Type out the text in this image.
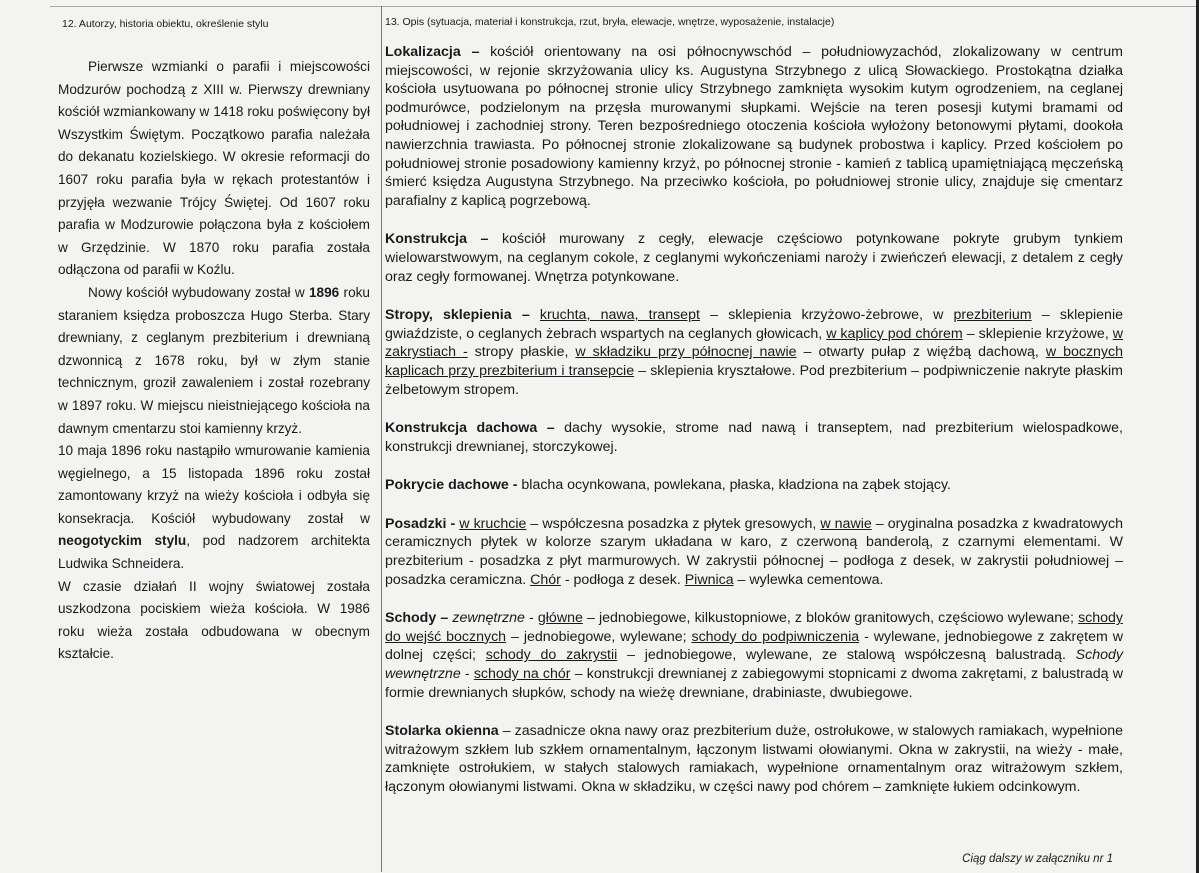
12. Autorzy, historia obiektu, określenie stylu

Pierwsze wzmianki o parafii i miejscowości Modzurów pochodzą z XIII w. Pierwszy drewniany kościół wzmiankowany w 1418 roku poświęcony był Wszystkim Świętym. Początkowo parafia należała do dekanatu kozielskiego. W okresie reformacji do 1607 roku parafia była w rękach protestantów i przyjęła wezwanie Trójcy Świętej. Od 1607 roku parafia w Modzurowie połączona była z kościołem w Grzędzinie. W 1870 roku parafia została odłączona od parafii w Koźlu.

Nowy kościół wybudowany został w 1896 roku staraniem księdza proboszcza Hugo Sterba. Stary drewniany, z ceglanym prezbiterium i drewnianą dzwonnicą z 1678 roku, był w złym stanie technicznym, groził zawaleniem i został rozebrany w 1897 roku. W miejscu nieistniejącego kościoła na dawnym cmentarzu stoi kamienny krzyż.

10 maja 1896 roku nastąpiło wmurowanie kamienia węgielnego, a 15 listopada 1896 roku został zamontowany krzyż na wieży kościoła i odbyła się konsekracja. Kościół wybudowany został w neogotyckim stylu, pod nadzorem architekta Ludwika Schneidera.

W czasie działań II wojny światowej została uszkodzona pociskiem wieża kościoła. W 1986 roku wieża została odbudowana w obecnym kształcie.

13. Opis (sytuacja, materiał i konstrukcja, rzut, bryła, elewacje, wnętrze, wyposażenie, instalacje)

Lokalizacja – kościół orientowany na osi północnywschód – południowyzachód, zlokalizowany w centrum miejscowości, w rejonie skrzyżowania ulicy ks. Augustyna Strzybnego z ulicą Słowackiego. Prostokątna działka kościoła usytuowana po północnej stronie ulicy Strzybnego zamknięta wysokim kutym ogrodzeniem, na ceglanej podmurówce, podzielonym na przęsła murowanymi słupkami. Wejście na teren posesji kutymi bramami od południowej i zachodniej strony. Teren bezpośredniego otoczenia kościoła wyłożony betonowymi płytami, dookoła nawierzchnia trawiasta. Po północnej stronie zlokalizowane są budynek probostwa i kaplicy. Przed kościołem po południowej stronie posadowiony kamienny krzyż, po północnej stronie - kamień z tablicą upamiętniającą męczeńską śmierć księdza Augustyna Strzybnego. Na przeciwko kościoła, po południowej stronie ulicy, znajduje się cmentarz parafialny z kaplicą pogrzebową.

Konstrukcja – kościół murowany z cegły, elewacje częściowo potynkowane pokryte grubym tynkiem wielowarstwowym, na ceglanym cokole, z ceglanymi wykończeniami naroży i zwieńczeń elewacji, z detalem z cegły oraz cegły formowanej. Wnętrza potynkowane.

Stropy, sklepienia – kruchta, nawa, transept – sklepienia krzyżowo-żebrowe, w prezbiterium – sklepienie gwiaździste, o ceglanych żebrach wspartych na ceglanych głowicach, w kaplicy pod chórem – sklepienie krzyżowe, w zakrystiach - stropy płaskie, w składziku przy północnej nawie – otwarty pułap z więźbą dachową, w bocznych kaplicach przy prezbiterium i transepcie – sklepienia kryształowe. Pod prezbiterium – podpiwniczenie nakryte płaskim żelbetowym stropem.

Konstrukcja dachowa – dachy wysokie, strome nad nawą i transeptem, nad prezbiterium wielospadkowe, konstrukcji drewnianej, storczykowej.

Pokrycie dachowe - blacha ocynkowana, powlekana, płaska, kładziona na ząbek stojący.

Posadzki - w kruchcie – współczesna posadzka z płytek gresowych, w nawie – oryginalna posadzka z kwadratowych ceramicznych płytek w kolorze szarym układana w karo, z czerwoną banderolą, z czarnymi elementami. W prezbiterium - posadzka z płyt marmurowych. W zakrystii północnej – podłoga z desek, w zakrystii południowej – posadzka ceramiczna. Chór - podłoga z desek. Piwnica – wylewka cementowa.

Schody – zewnętrzne - główne – jednobiegowe, kilkustopniowe, z bloków granitowych, częściowo wylewane; schody do wejść bocznych – jednobiegowe, wylewane; schody do podpiwniczenia - wylewane, jednobiegowe z zakrętem w dolnej części; schody do zakrystii – jednobiegowe, wylewane, ze stalową współczesną balustradą. Schody wewnętrzne - schody na chór – konstrukcji drewnianej z zabiegowymi stopnicami z dwoma zakrętami, z balustradą w formie drewnianych słupków, schody na wieżę drewniane, drabiniaste, dwubiegowe.

Stolarka okienna – zasadnicze okna nawy oraz prezbiterium duże, ostrołukowe, w stalowych ramiakach, wypełnione witrażowym szkłem lub szkłem ornamentalnym, łączonym listwami ołowianymi. Okna w zakrystii, na wieży - małe, zamknięte ostrołukiem, w stałych stalowych ramiakach, wypełnione ornamentalnym oraz witrażowym szkłem, łączonym ołowianymi listwami. Okna w składziku, w części nawy pod chórem – zamknięte łukiem odcinkowym.

Ciąg dalszy w załączniku nr 1
